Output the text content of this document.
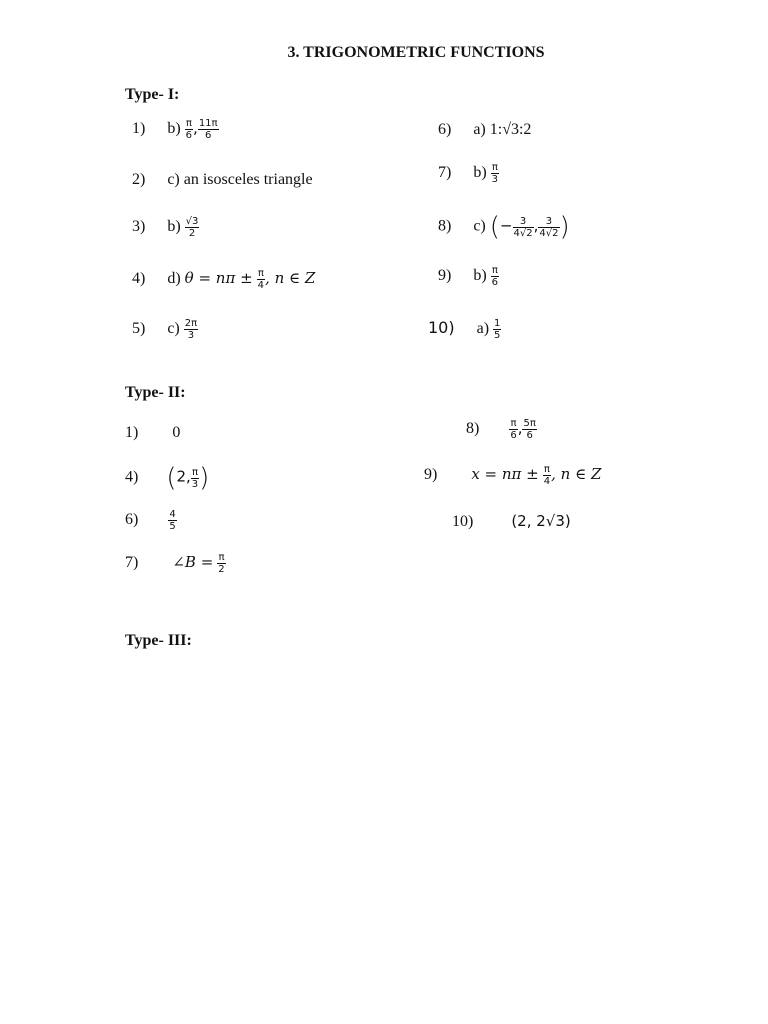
3. TRIGONOMETRIC FUNCTIONS
Type- I:
1) $b) \frac{\pi}{6}$ , $\frac{11\pi}{6}$
2) c) an isosceles triangle
3) $b) \frac{√3}{2}$
4) d) $\theta = n\pi \pm \frac{\pi}{4}$ , n ∈ Z
5) $c) \frac{2\pi}{3}$
6) a) 1:√3:2
7) $b) \frac{\pi}{3}$
8) c) (− $\frac{3}{4√2}$ , $\frac{3}{4√2}$ )
9) $b) \frac{\pi}{6}$
10) $a) \frac{1}{5}$
Type- II:
1) 0
4) (2, $\frac{\pi}{3}$ )
6)	$\frac{4}{5}$
7) ∠B = $\frac{\pi}{2}$
8)	$\frac{\pi}{6}$ , $\frac{5\pi}{6}$
9) $x = n\pi \pm \frac{\pi}{4}$ , n ∈ Z
10)	(2, 2√3)
Type- III:
